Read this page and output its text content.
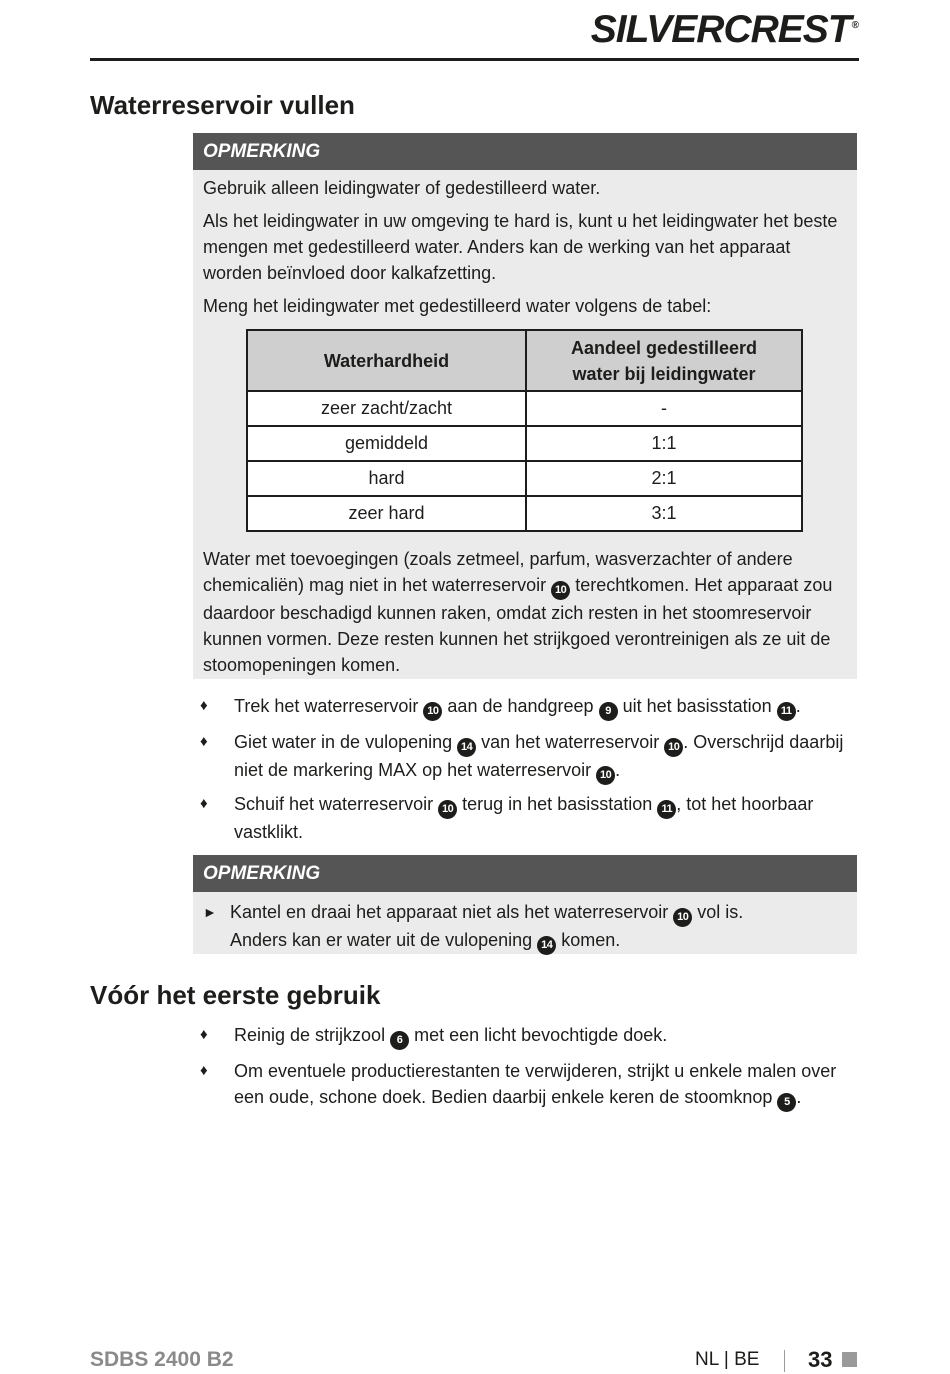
SILVERCREST®
Waterreservoir vullen
OPMERKING

Gebruik alleen leidingwater of gedestilleerd water.

Als het leidingwater in uw omgeving te hard is, kunt u het leidingwater het beste mengen met gedestilleerd water. Anders kan de werking van het apparaat worden beïnvloed door kalkafzetting.

Meng het leidingwater met gedestilleerd water volgens de tabel:

Waterhardheid	Aandeel gedestilleerd water bij leidingwater
zeer zacht/zacht	-
gemiddeld	1:1
hard	2:1
zeer hard	3:1

Water met toevoegingen (zoals zetmeel, parfum, wasverzachter of andere chemicaliën) mag niet in het waterreservoir 10 terechtkomen. Het apparaat zou daardoor beschadigd kunnen raken, omdat zich resten in het stoomreservoir kunnen vormen. Deze resten kunnen het strijkgoed verontreinigen als ze uit de stoomopeningen komen.

♦ Trek het waterreservoir 10 aan de handgreep 9 uit het basisstation 11 .
♦ Giet water in de vulopening 14 van het waterreservoir 10 . Overschrijd daarbij niet de markering MAX op het waterreservoir 10 .
♦ Schuif het waterreservoir 10 terug in het basisstation 11 , tot het hoorbaar vastklikt.
OPMERKING
► Kantel en draai het apparaat niet als het waterreservoir 10 vol is.
Anders kan er water uit de vulopening 14 komen.
Vóór het eerste gebruik
♦ Reinig de strijkzool 6 met een licht bevochtigde doek.
♦ Om eventuele productierestanten te verwijderen, strijkt u enkele malen over een oude, schone doek. Bedien daarbij enkele keren de stoomknop 5 .
SDBS 2400 B2	NL | BE 33
